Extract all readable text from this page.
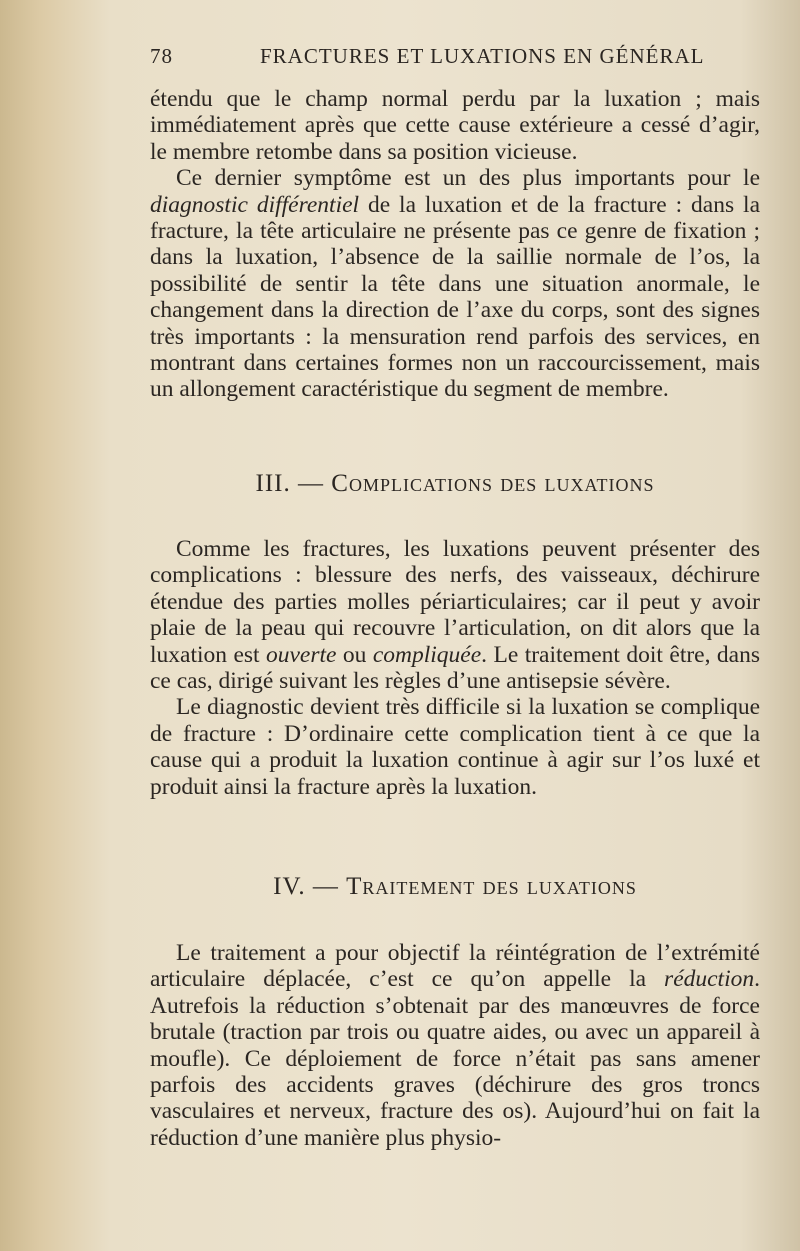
78	FRACTURES ET LUXATIONS EN GÉNÉRAL

étendu que le champ normal perdu par la luxation ; mais immédiatement après que cette cause extérieure a cessé d’agir, le membre retombe dans sa position vicieuse.

Ce dernier symptôme est un des plus importants pour le diagnostic différentiel de la luxation et de la fracture : dans la fracture, la tête articulaire ne présente pas ce genre de fixation ; dans la luxation, l’absence de la saillie normale de l’os, la possibilité de sentir la tête dans une situation anormale, le changement dans la direction de l’axe du corps, sont des signes très importants : la mensuration rend parfois des services, en montrant dans certaines formes non un raccourcissement, mais un allongement caractéristique du segment de membre.

III. — Complications des luxations

Comme les fractures, les luxations peuvent présenter des complications : blessure des nerfs, des vaisseaux, déchirure étendue des parties molles périarticulaires; car il peut y avoir plaie de la peau qui recouvre l’articulation, on dit alors que la luxation est ouverte ou compliquée. Le traitement doit être, dans ce cas, dirigé suivant les règles d’une antisepsie sévère.

Le diagnostic devient très difficile si la luxation se complique de fracture : D’ordinaire cette complication tient à ce que la cause qui a produit la luxation continue à agir sur l’os luxé et produit ainsi la fracture après la luxation.

IV. — Traitement des luxations

Le traitement a pour objectif la réintégration de l’extrémité articulaire déplacée, c’est ce qu’on appelle la réduction. Autrefois la réduction s’obtenait par des manœuvres de force brutale (traction par trois ou quatre aides, ou avec un appareil à moufle). Ce déploiement de force n’était pas sans amener parfois des accidents graves (déchirure des gros troncs vasculaires et nerveux, fracture des os). Aujourd’hui on fait la réduction d’une manière plus physio-
